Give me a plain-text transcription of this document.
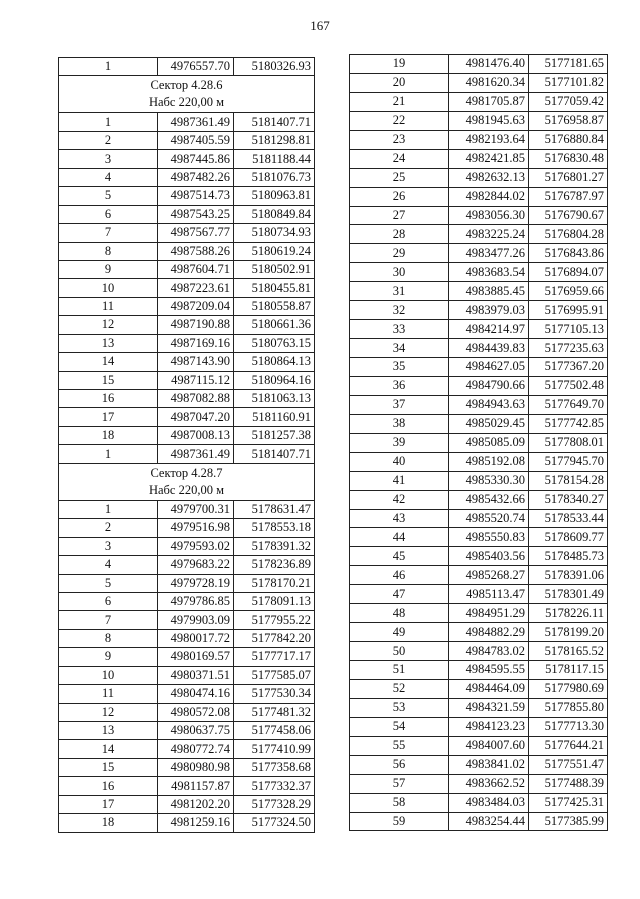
167
1	4976557.70	5180326.93

Сектор 4.28.6
Набс 220,00 м		

1	4987361.49	5181407.71
2	4987405.59	5181298.81
3	4987445.86	5181188.44
4	4987482.26	5181076.73
5	4987514.73	5180963.81
6	4987543.25	5180849.84
7	4987567.77	5180734.93
8	4987588.26	5180619.24
9	4987604.71	5180502.91
10	4987223.61	5180455.81
11	4987209.04	5180558.87
12	4987190.88	5180661.36
13	4987169.16	5180763.15
14	4987143.90	5180864.13
15	4987115.12	5180964.16
16	4987082.88	5181063.13
17	4987047.20	5181160.91
18	4987008.13	5181257.38
1	4987361.49	5181407.71

Сектор 4.28.7
Набс 220,00 м		

1	4979700.31	5178631.47
2	4979516.98	5178553.18
3	4979593.02	5178391.32
4	4979683.22	5178236.89
5	4979728.19	5178170.21
6	4979786.85	5178091.13
7	4979903.09	5177955.22
8	4980017.72	5177842.20
9	4980169.57	5177717.17
10	4980371.51	5177585.07
11	4980474.16	5177530.34
12	4980572.08	5177481.32
13	4980637.75	5177458.06
14	4980772.74	5177410.99
15	4980980.98	5177358.68
16	4981157.87	5177332.37
17	4981202.20	5177328.29
18	4981259.16	5177324.50
19	4981476.40	5177181.65
20	4981620.34	5177101.82
21	4981705.87	5177059.42
22	4981945.63	5176958.87
23	4982193.64	5176880.84
24	4982421.85	5176830.48
25	4982632.13	5176801.27
26	4982844.02	5176787.97
27	4983056.30	5176790.67
28	4983225.24	5176804.28
29	4983477.26	5176843.86
30	4983683.54	5176894.07
31	4983885.45	5176959.66
32	4983979.03	5176995.91
33	4984214.97	5177105.13
34	4984439.83	5177235.63
35	4984627.05	5177367.20
36	4984790.66	5177502.48
37	4984943.63	5177649.70
38	4985029.45	5177742.85
39	4985085.09	5177808.01
40	4985192.08	5177945.70
41	4985330.30	5178154.28
42	4985432.66	5178340.27
43	4985520.74	5178533.44
44	4985550.83	5178609.77
45	4985403.56	5178485.73
46	4985268.27	5178391.06
47	4985113.47	5178301.49
48	4984951.29	5178226.11
49	4984882.29	5178199.20
50	4984783.02	5178165.52
51	4984595.55	5178117.15
52	4984464.09	5177980.69
53	4984321.59	5177855.80
54	4984123.23	5177713.30
55	4984007.60	5177644.21
56	4983841.02	5177551.47
57	4983662.52	5177488.39
58	4983484.03	5177425.31
59	4983254.44	5177385.99
